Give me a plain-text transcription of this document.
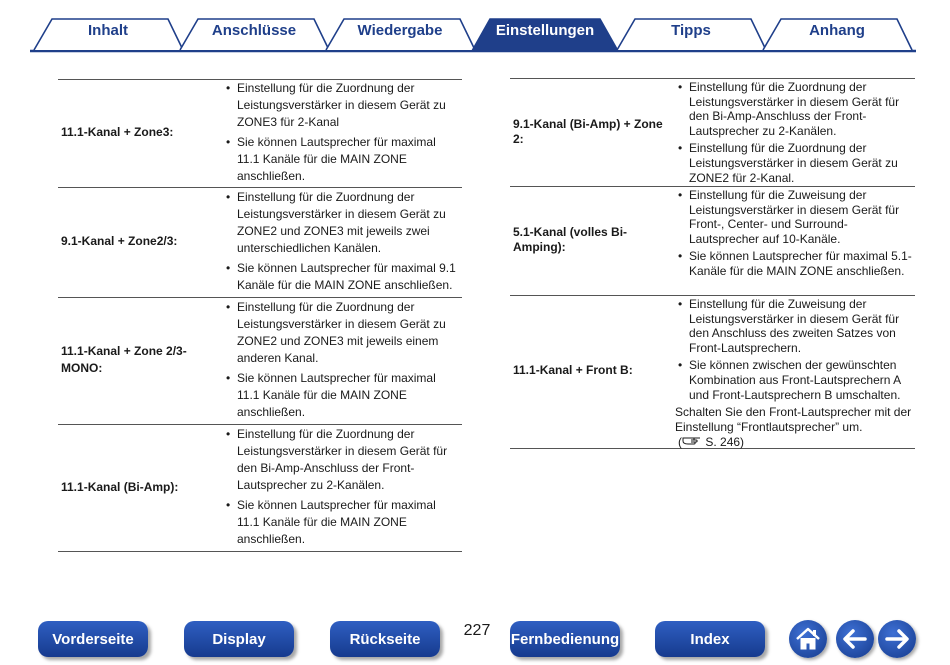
Inhalt	Anschlüsse	Wiedergabe	Einstellungen	Tipps	Anhang
11.1-Kanal + Zone3:
• Einstellung für die Zuordnung der Leistungsverstärker in diesem Gerät zu ZONE3 für 2-Kanal
• Sie können Lautsprecher für maximal 11.1 Kanäle für die MAIN ZONE anschließen.
9.1-Kanal + Zone2/3:
• Einstellung für die Zuordnung der Leistungsverstärker in diesem Gerät zu ZONE2 und ZONE3 mit jeweils zwei unterschiedlichen Kanälen.
• Sie können Lautsprecher für maximal 9.1 Kanäle für die MAIN ZONE anschließen.
11.1-Kanal + Zone 2/3-MONO:
• Einstellung für die Zuordnung der Leistungsverstärker in diesem Gerät zu ZONE2 und ZONE3 mit jeweils einem anderen Kanal.
• Sie können Lautsprecher für maximal 11.1 Kanäle für die MAIN ZONE anschließen.
11.1-Kanal (Bi-Amp):
• Einstellung für die Zuordnung der Leistungsverstärker in diesem Gerät für den Bi-Amp-Anschluss der Front-Lautsprecher zu 2-Kanälen.
• Sie können Lautsprecher für maximal 11.1 Kanäle für die MAIN ZONE anschließen.
9.1-Kanal (Bi-Amp) + Zone 2:
• Einstellung für die Zuordnung der Leistungsverstärker in diesem Gerät für den Bi-Amp-Anschluss der Front-Lautsprecher zu 2-Kanälen.
• Einstellung für die Zuordnung der Leistungsverstärker in diesem Gerät zu ZONE2 für 2-Kanal.
5.1-Kanal (volles Bi-Amping):
• Einstellung für die Zuweisung der Leistungsverstärker in diesem Gerät für Front-, Center- und Surround-Lautsprecher auf 10-Kanäle.
• Sie können Lautsprecher für maximal 5.1-Kanäle für die MAIN ZONE anschließen.
11.1-Kanal + Front B:
• Einstellung für die Zuweisung der Leistungsverstärker in diesem Gerät für den Anschluss des zweiten Satzes von Front-Lautsprechern.
• Sie können zwischen der gewünschten Kombination aus Front-Lautsprechern A und Front-Lautsprechern B umschalten.

Schalten Sie den Front-Lautsprecher mit der Einstellung “Frontlautsprecher” um.

( S. 246)

Vorderseite	Display	Rückseite	227 Fernbedienung	Index
